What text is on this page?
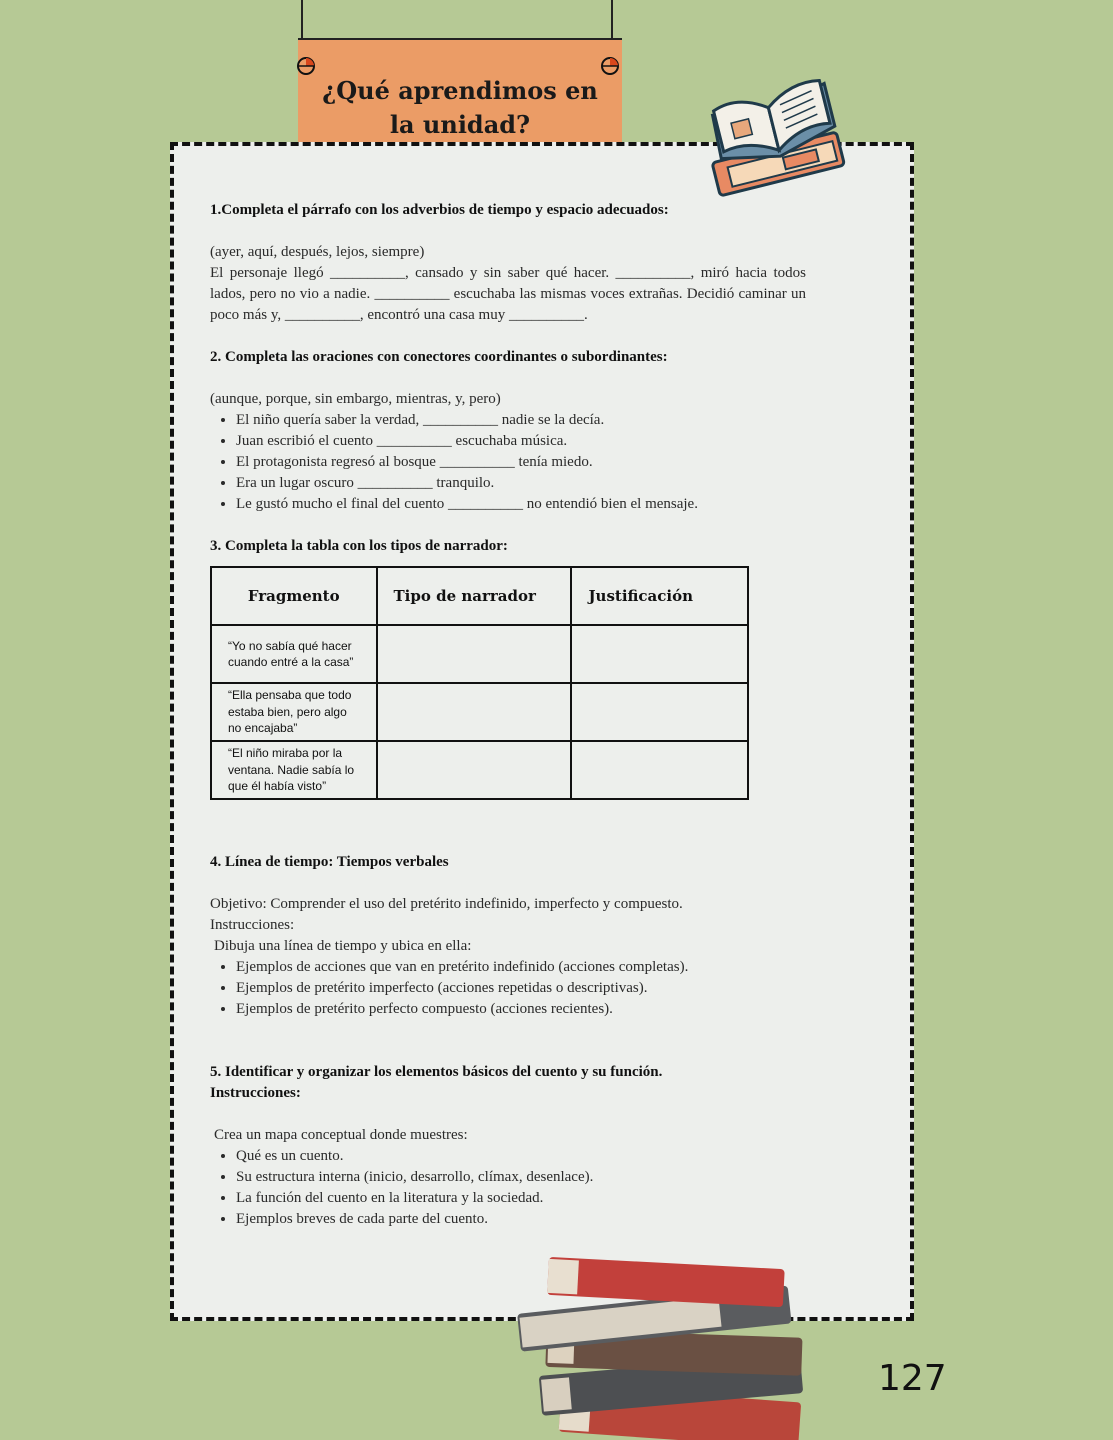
¿Qué aprendimos en
la unidad?

1.Completa el párrafo con los adverbios de tiempo y espacio adecuados:

(ayer, aquí, después, lejos, siempre)

El personaje llegó __________, cansado y sin saber qué hacer. __________, miró hacia todos lados, pero no vio a nadie. __________ escuchaba las mismas voces extrañas. Decidió caminar un poco más y, __________, encontró una casa muy __________.

2. Completa las oraciones con conectores coordinantes o subordinantes:

(aunque, porque, sin embargo, mientras, y, pero)

• El niño quería saber la verdad, __________ nadie se la decía.
• Juan escribió el cuento __________ escuchaba música.
• El protagonista regresó al bosque __________ tenía miedo.
• Era un lugar oscuro __________ tranquilo.
• Le gustó mucho el final del cuento __________ no entendió bien el mensaje.

3. Completa la tabla con los tipos de narrador:

Fragmento	Tipo de narrador	Justificación
“Yo no sabía qué hacer cuando entré a la casa”		
“Ella pensaba que todo estaba bien, pero algo no encajaba”		
“El niño miraba por la ventana. Nadie sabía lo que él había visto”		

4. Línea de tiempo: Tiempos verbales

Objetivo: Comprender el uso del pretérito indefinido, imperfecto y compuesto.

Instrucciones:

Dibuja una línea de tiempo y ubica en ella:

• Ejemplos de acciones que van en pretérito indefinido (acciones completas).
• Ejemplos de pretérito imperfecto (acciones repetidas o descriptivas).
• Ejemplos de pretérito perfecto compuesto (acciones recientes).

5. Identificar y organizar los elementos básicos del cuento y su función.

Instrucciones:

Crea un mapa conceptual donde muestres:

• Qué es un cuento.
• Su estructura interna (inicio, desarrollo, clímax, desenlace).
• La función del cuento en la literatura y la sociedad.
• Ejemplos breves de cada parte del cuento.
127
